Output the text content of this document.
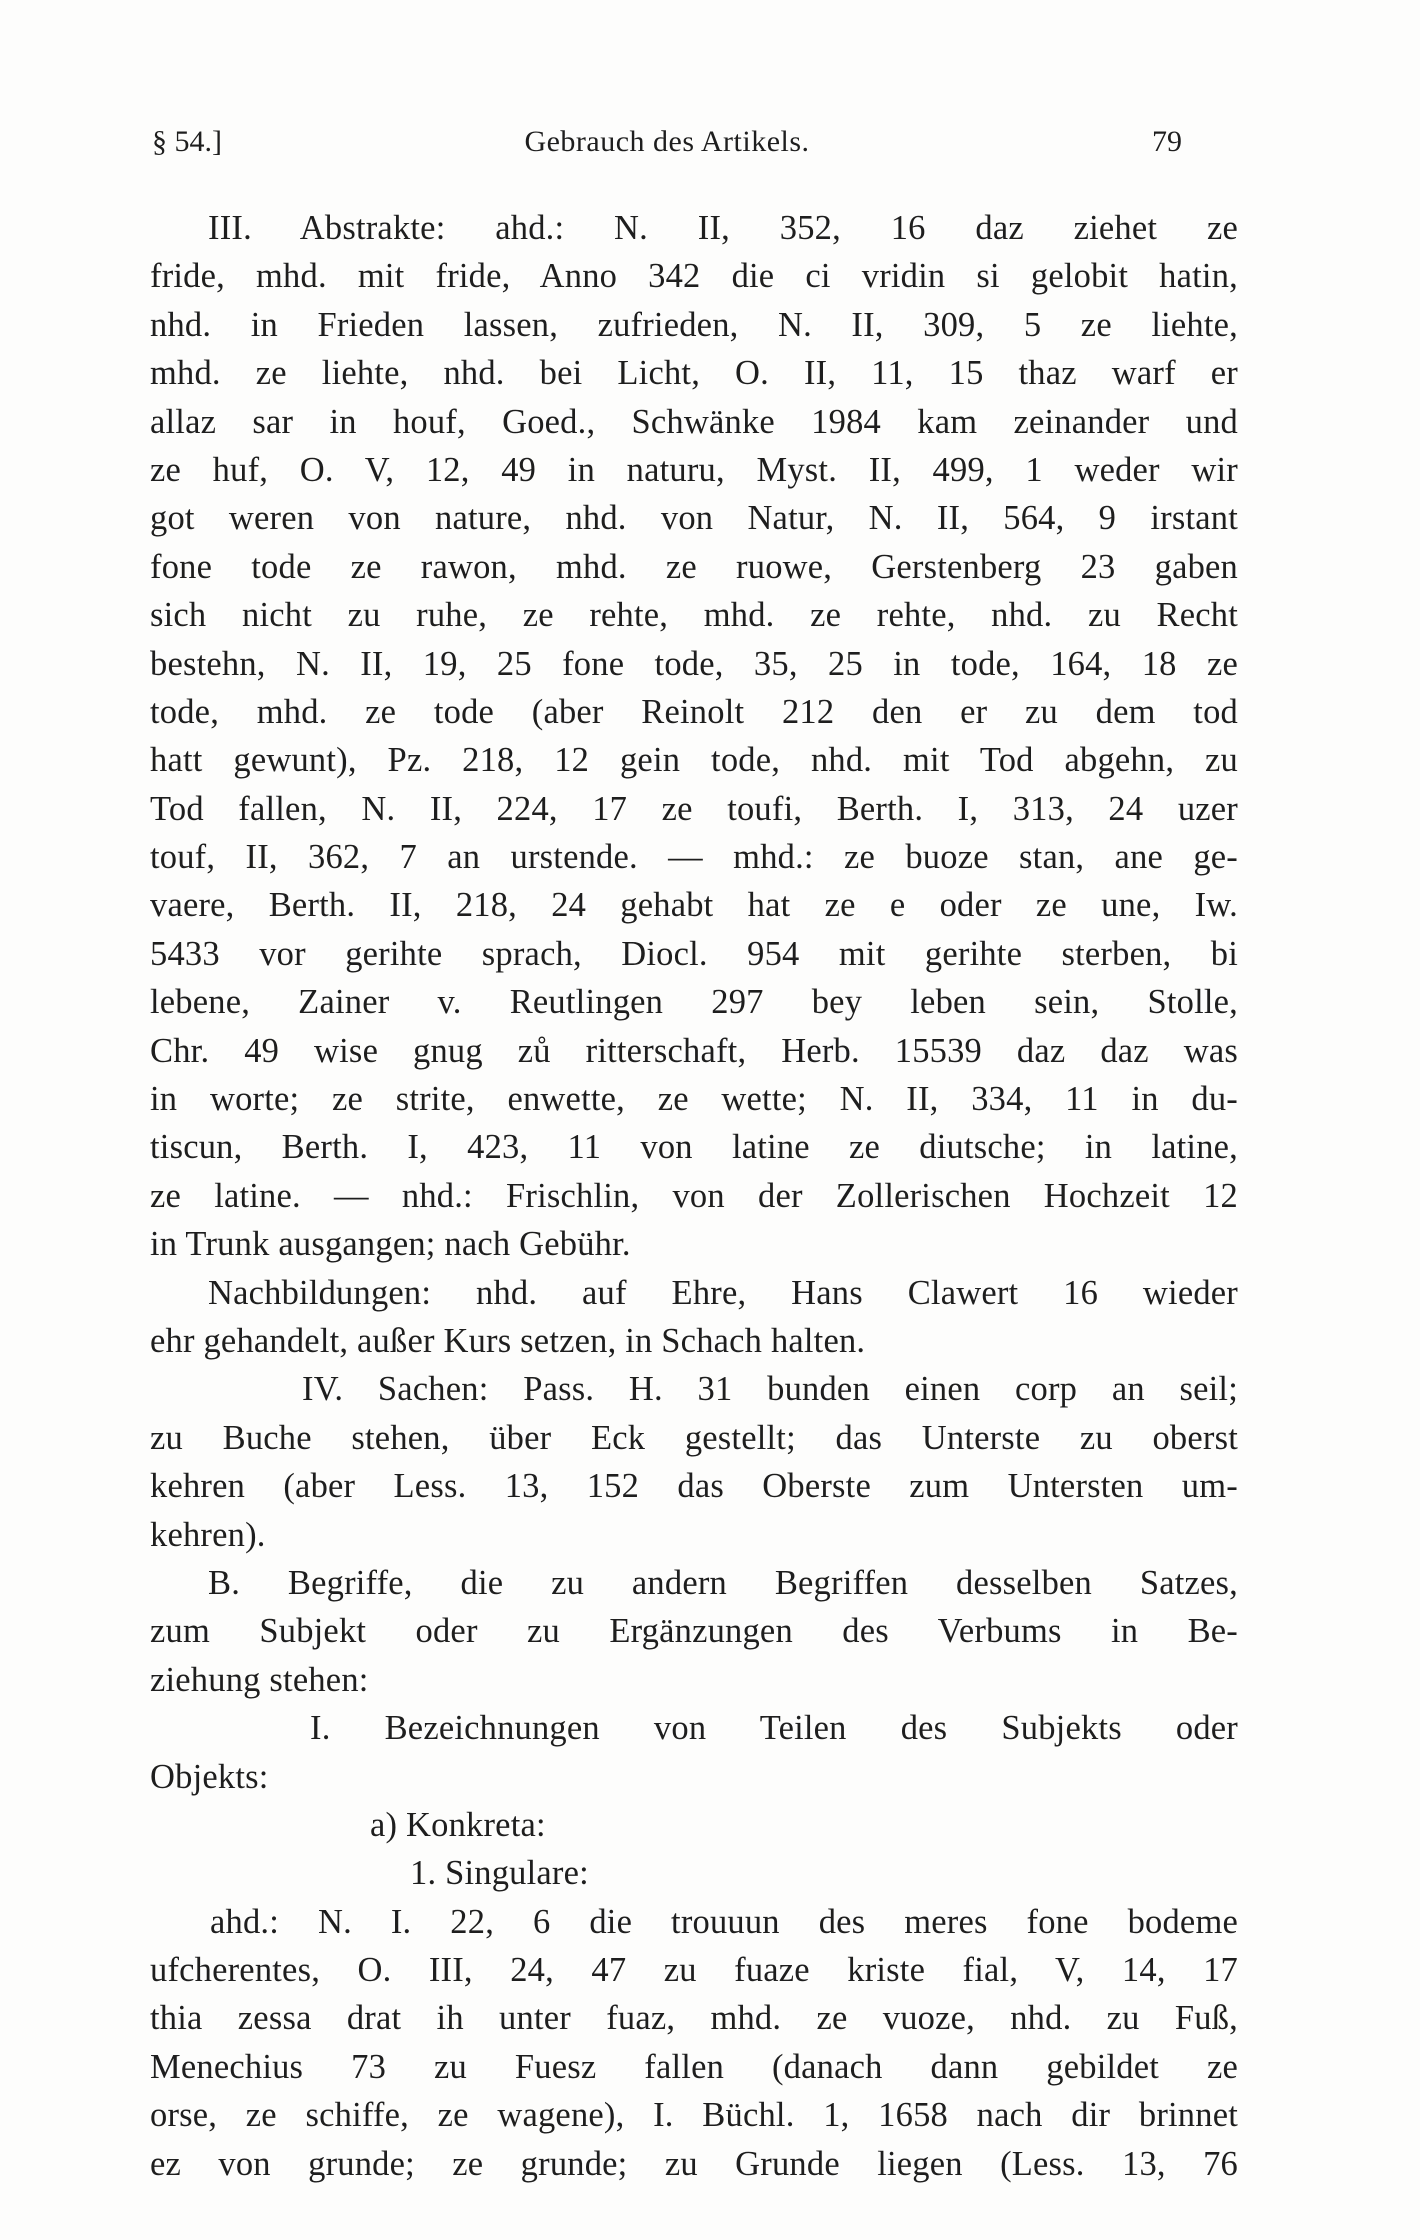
§ 54.]	Gebrauch des Artikels.	79
III. Abstrakte: ahd.: N. II, 352, 16 daz ziehet ze
fride, mhd. mit fride, Anno 342 die ci vridin si gelobit hatin,
nhd. in Frieden lassen, zufrieden, N. II, 309, 5 ze liehte,
mhd. ze liehte, nhd. bei Licht, O. II, 11, 15 thaz warf er
allaz sar in houf, Goed., Schwänke 1984 kam zeinander und
ze huf, O. V, 12, 49 in naturu, Myst. II, 499, 1 weder wir
got weren von nature, nhd. von Natur, N. II, 564, 9 irstant
fone tode ze rawon, mhd. ze ruowe, Gerstenberg 23 gaben
sich nicht zu ruhe, ze rehte, mhd. ze rehte, nhd. zu Recht
bestehn, N. II, 19, 25 fone tode, 35, 25 in tode, 164, 18 ze
tode, mhd. ze tode (aber Reinolt 212 den er zu dem tod
hatt gewunt), Pz. 218, 12 gein tode, nhd. mit Tod abgehn, zu
Tod fallen, N. II, 224, 17 ze toufi, Berth. I, 313, 24 uzer
touf, II, 362, 7 an urstende. — mhd.: ze buoze stan, ane ge-
vaere, Berth. II, 218, 24 gehabt hat ze e oder ze une, Iw.
5433 vor gerihte sprach, Diocl. 954 mit gerihte sterben, bi
lebene, Zainer v. Reutlingen 297 bey leben sein, Stolle,
Chr. 49 wise gnug zů ritterschaft, Herb. 15539 daz daz was
in worte; ze strite, enwette, ze wette; N. II, 334, 11 in du-
tiscun, Berth. I, 423, 11 von latine ze diutsche; in latine,
ze latine. — nhd.: Frischlin, von der Zollerischen Hochzeit 12
in Trunk ausgangen; nach Gebühr.
Nachbildungen: nhd. auf Ehre, Hans Clawert 16 wieder
ehr gehandelt, außer Kurs setzen, in Schach halten.
IV. Sachen: Pass. H. 31 bunden einen corp an seil;
zu Buche stehen, über Eck gestellt; das Unterste zu oberst
kehren (aber Less. 13, 152 das Oberste zum Untersten um-
kehren).
B. Begriffe, die zu andern Begriffen desselben Satzes,
zum Subjekt oder zu Ergänzungen des Verbums in Be-
ziehung stehen:
I. Bezeichnungen von Teilen des Subjekts oder
Objekts:
a) Konkreta:
1. Singulare:
ahd.: N. I. 22, 6 die trouuun des meres fone bodeme
ufcherentes, O. III, 24, 47 zu fuaze kriste fial, V, 14, 17
thia zessa drat ih unter fuaz, mhd. ze vuoze, nhd. zu Fuß,
Menechius 73 zu Fuesz fallen (danach dann gebildet ze
orse, ze schiffe, ze wagene), I. Büchl. 1, 1658 nach dir brinnet
ez von grunde; ze grunde; zu Grunde liegen (Less. 13, 76
